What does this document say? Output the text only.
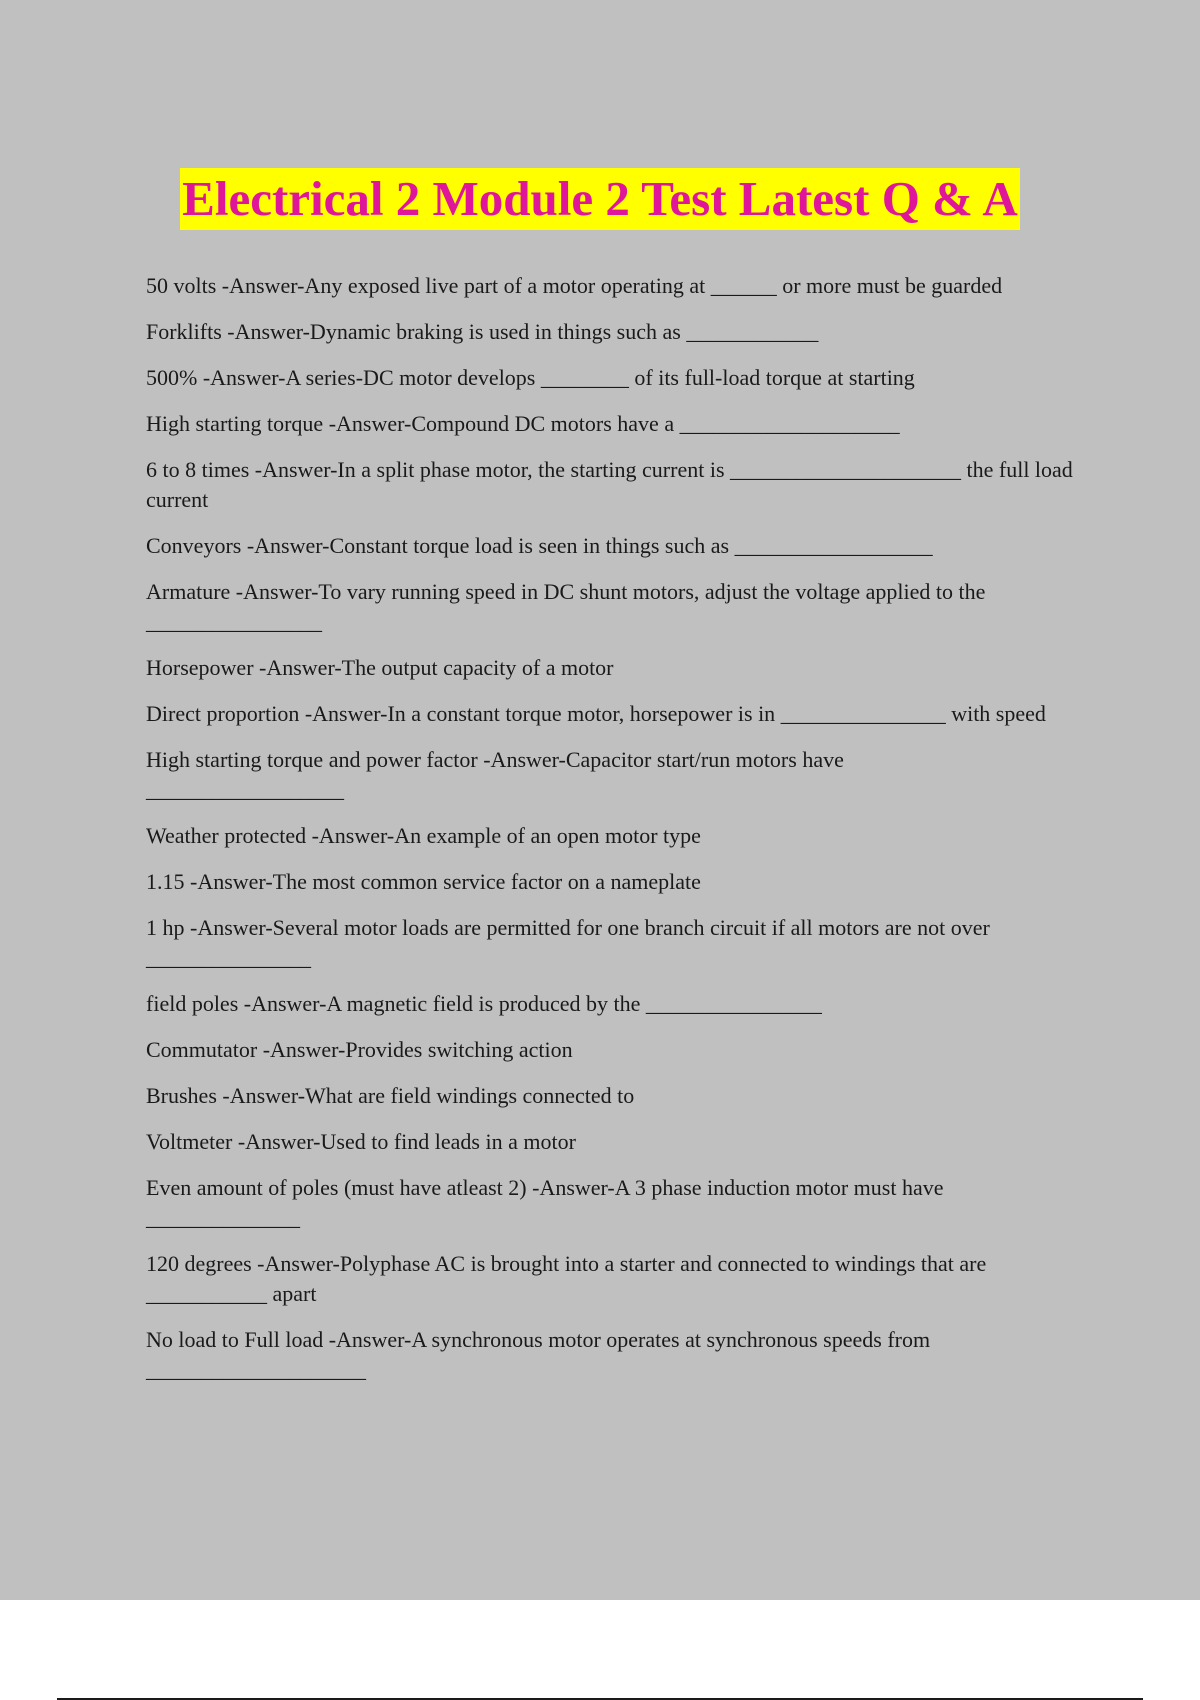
Electrical 2 Module 2 Test Latest Q & A
50 volts -Answer-Any exposed live part of a motor operating at ______ or more must be guarded
Forklifts -Answer-Dynamic braking is used in things such as ____________
500% -Answer-A series-DC motor develops ________ of its full-load torque at starting
High starting torque -Answer-Compound DC motors have a ____________________
6 to 8 times -Answer-In a split phase motor, the starting current is _____________________ the full load current
Conveyors -Answer-Constant torque load is seen in things such as __________________
Armature -Answer-To vary running speed in DC shunt motors, adjust the voltage applied to the
________________
Horsepower -Answer-The output capacity of a motor
Direct proportion -Answer-In a constant torque motor, horsepower is in _______________ with speed
High starting torque and power factor -Answer-Capacitor start/run motors have
__________________
Weather protected -Answer-An example of an open motor type
1.15 -Answer-The most common service factor on a nameplate
1 hp -Answer-Several motor loads are permitted for one branch circuit if all motors are not over
_______________
field poles -Answer-A magnetic field is produced by the ________________
Commutator -Answer-Provides switching action
Brushes -Answer-What are field windings connected to
Voltmeter -Answer-Used to find leads in a motor
Even amount of poles (must have atleast 2) -Answer-A 3 phase induction motor must have
______________
120 degrees -Answer-Polyphase AC is brought into a starter and connected to windings that are ___________ apart
No load to Full load -Answer-A synchronous motor operates at synchronous speeds from
____________________
